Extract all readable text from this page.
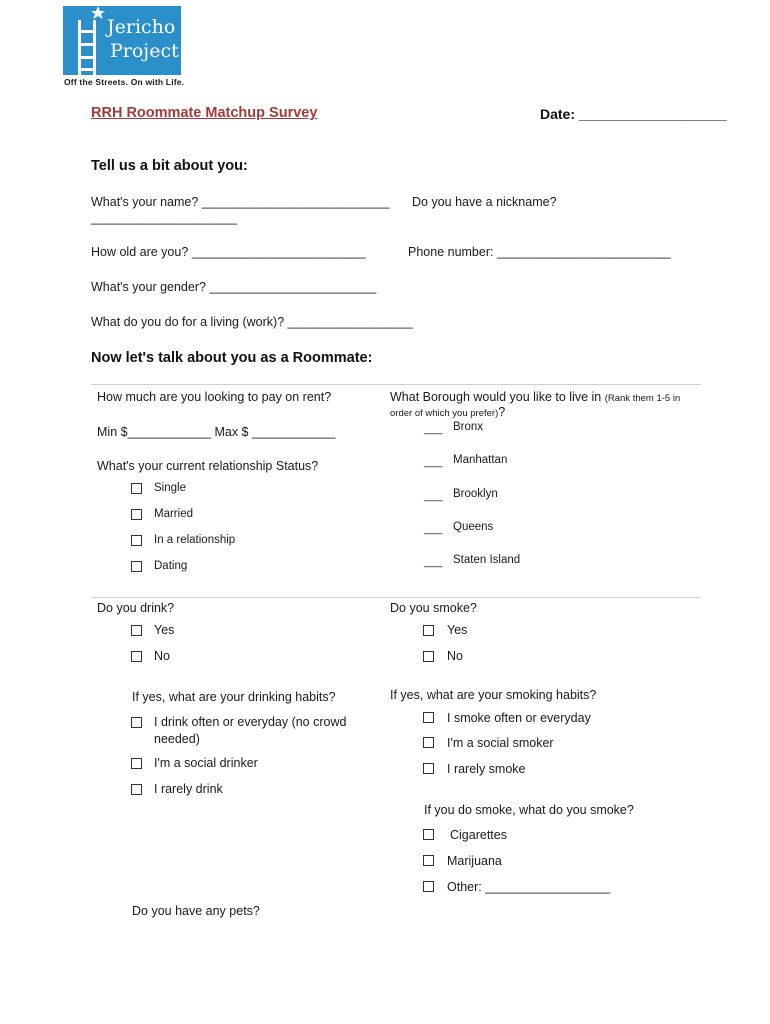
Jericho
Project
Off the Streets. On with Life.
RRH Roommate Matchup Survey	Date: ___________________
Tell us a bit about you:
What's your name? ___________________________ Do you have a nickname?
_____________________
How old are you? _________________________	Phone number: _________________________
What's your gender? ________________________
What do you do for a living (work)? __________________
Now let's talk about you as a Roommate:
How much are you looking to pay on rent?
Min $____________ Max $ ____________
What Borough would you like to live in (Rank them 1-5 in
order of which you prefer)?
___ Bronx
___ Manhattan
___ Brooklyn
___ Queens
___ Staten Island
What's your current relationship Status?
Single
Married
In a relationship
Dating
Do you drink?
Yes
No
If yes, what are your drinking habits?
I drink often or everyday (no crowd
needed)
I'm a social drinker
I rarely drink
Do you smoke?
Yes
No
If yes, what are your smoking habits?
I smoke often or everyday
I'm a social smoker
I rarely smoke
If you do smoke, what do you smoke?
Cigarettes
Marijuana
Other: __________________
Do you have any pets?
